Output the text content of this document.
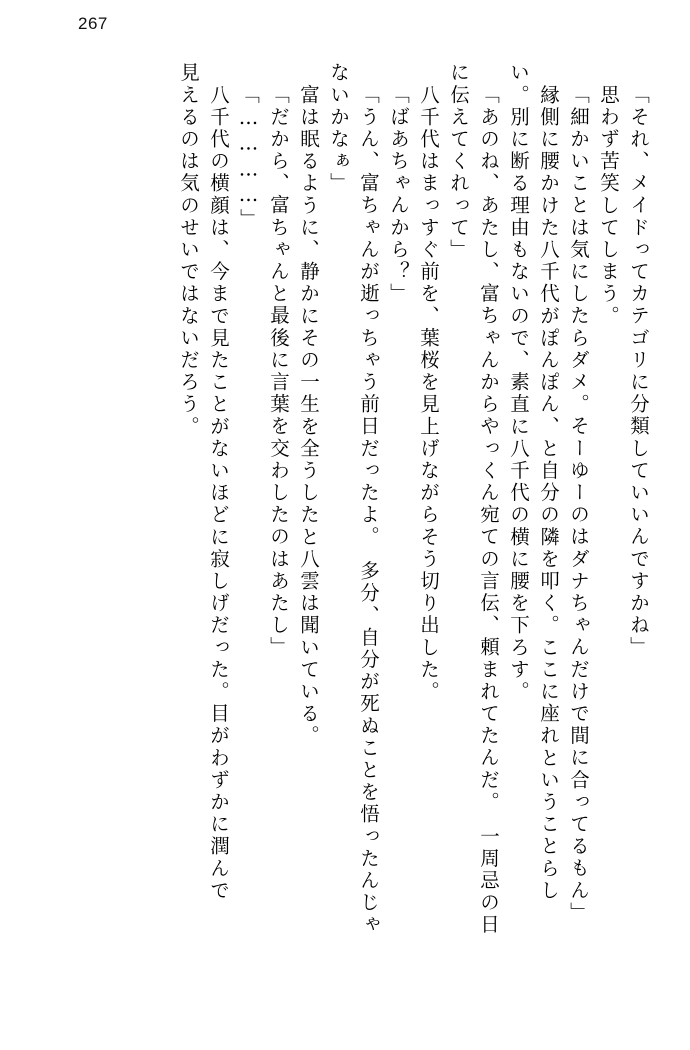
267
「それ、メイドってカテゴリに分類していいんですかね」
　思わず苦笑してしまう。
「細かいことは気にしたらダメ。そーゆーのはダナちゃんだけで間に合ってるもん」
　縁側に腰かけた八千代がぽんぽん、と自分の隣を叩く。ここに座れということらし
い。別に断る理由もないので、素直に八千代の横に腰を下ろす。
「あのね、あたし、富ちゃんからやっくん宛ての言伝、頼まれてたんだ。　一周忌の日
に伝えてくれって」
　八千代はまっすぐ前を、葉桜を見上げながらそう切り出した。
「ばあちゃんから？」
「うん、富ちゃんが逝っちゃう前日だったよ。　多分、自分が死ぬことを悟ったんじゃ
ないかなぁ」
　富は眠るように、静かにその一生を全うしたと八雲は聞いている。
「だから、富ちゃんと最後に言葉を交わしたのはあたし」
「…………」
　八千代の横顔は、今まで見たことがないほどに寂しげだった。目がわずかに潤んで
見えるのは気のせいではないだろう。
